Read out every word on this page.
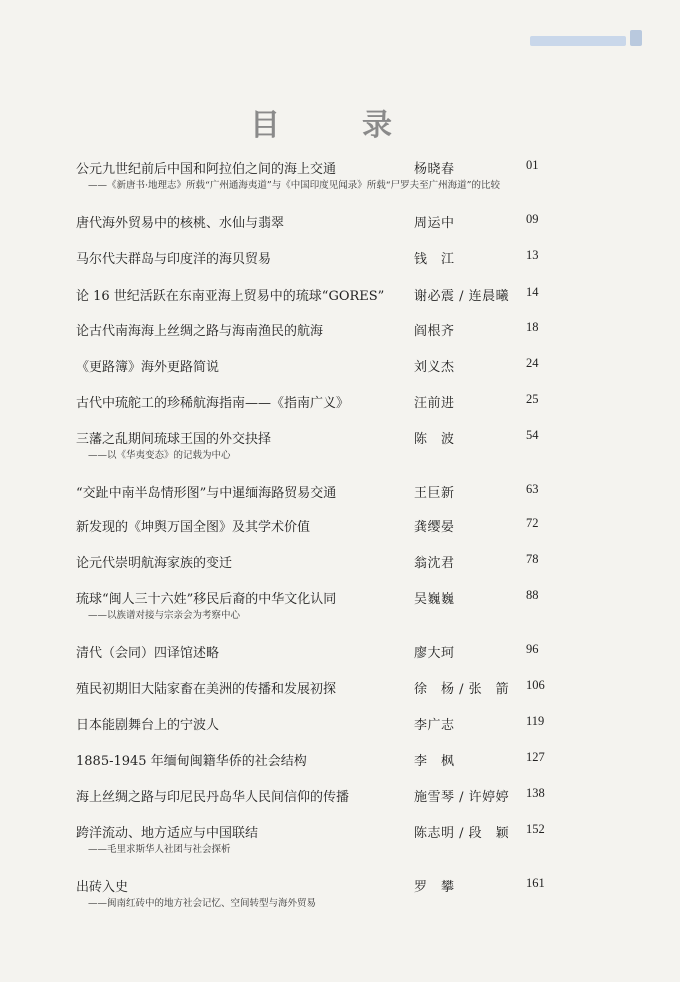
目　录
公元九世纪前后中国和阿拉伯之间的海上交通	杨晓春	01
——《新唐书·地理志》所载“广州通海夷道”与《中国印度见闻录》所载“尸罗夫至广州海道”的比较
唐代海外贸易中的核桃、水仙与翡翠	周运中	09
马尔代夫群岛与印度洋的海贝贸易	钱　江	13
论 16 世纪活跃在东南亚海上贸易中的琉球“GORES” 谢必震 / 连晨曦 14
论古代南海海上丝绸之路与海南渔民的航海	阎根齐	18
《更路簿》海外更路简说	刘义杰	24
古代中琉舵工的珍稀航海指南——《指南广义》	汪前进	25
三藩之乱期间琉球王国的外交抉择	陈　波	54
——以《华夷变态》的记载为中心
“交趾中南半岛情形图”与中暹缅海路贸易交通	王巨新	63
新发现的《坤舆万国全图》及其学术价值	龚缨晏	72
论元代崇明航海家族的变迁	翁沈君	78
琉球“闽人三十六姓”移民后裔的中华文化认同	吴巍巍	88
——以族谱对接与宗亲会为考察中心
清代（会同）四译馆述略	廖大珂	96
殖民初期旧大陆家畜在美洲的传播和发展初探	徐　杨 / 张　箭 106
日本能剧舞台上的宁波人	李广志	119
1885-1945 年缅甸闽籍华侨的社会结构	李　枫	127
海上丝绸之路与印尼民丹岛华人民间信仰的传播	施雪琴 / 许婷婷 138
跨洋流动、地方适应与中国联结	陈志明 / 段　颖 152
——毛里求斯华人社团与社会探析
出砖入史	罗　攀	161
——闽南红砖中的地方社会记忆、空间转型与海外贸易
